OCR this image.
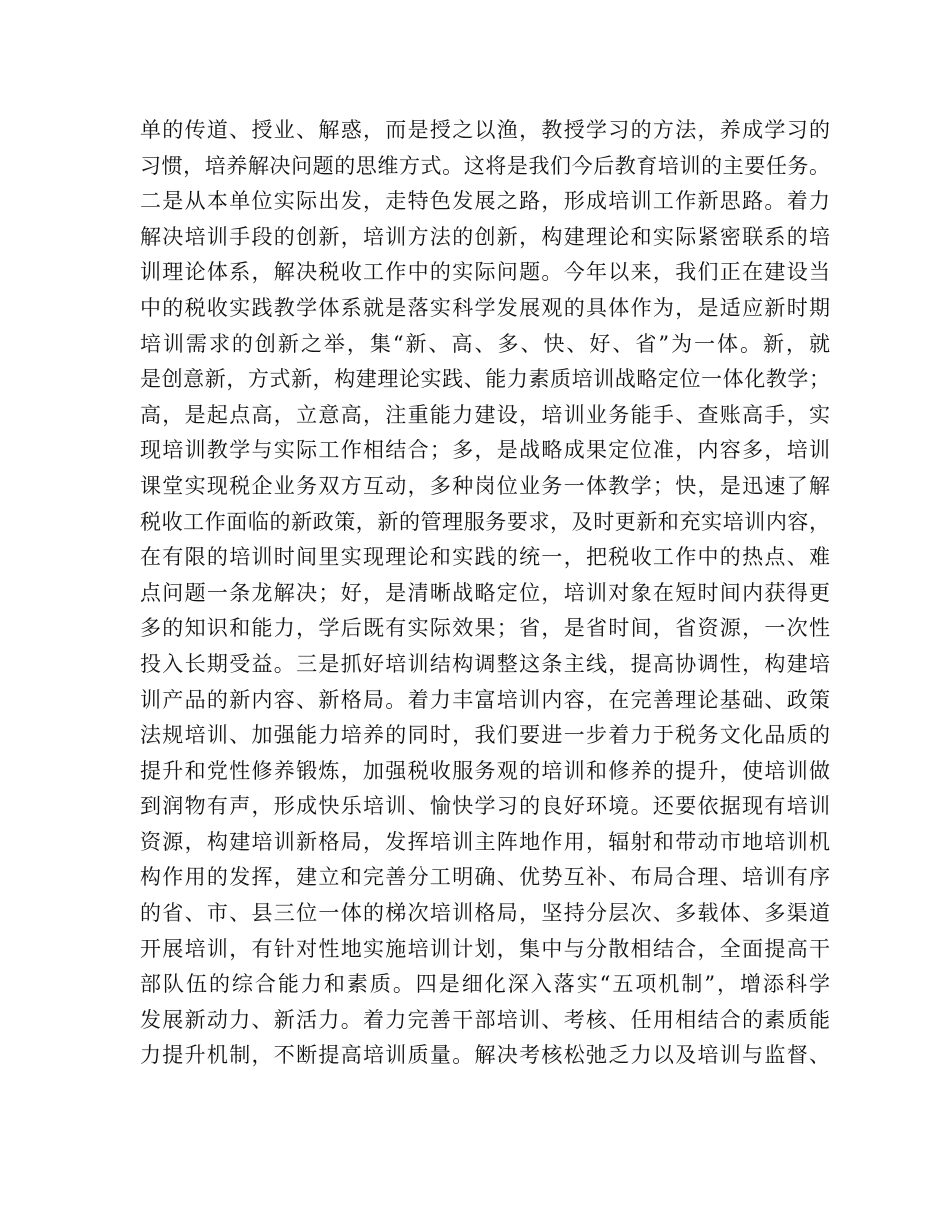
单的传道、授业、解惑，而是授之以渔，教授学习的方法，养成学习的
习惯，培养解决问题的思维方式。这将是我们今后教育培训的主要任务。
二是从本单位实际出发，走特色发展之路，形成培训工作新思路。着力
解决培训手段的创新，培训方法的创新，构建理论和实际紧密联系的培
训理论体系，解决税收工作中的实际问题。今年以来，我们正在建设当
中的税收实践教学体系就是落实科学发展观的具体作为，是适应新时期
培训需求的创新之举，集“新、高、多、快、好、省”为一体。新，就
是创意新，方式新，构建理论实践、能力素质培训战略定位一体化教学；
高，是起点高，立意高，注重能力建设，培训业务能手、查账高手，实
现培训教学与实际工作相结合；多，是战略成果定位准，内容多，培训
课堂实现税企业务双方互动，多种岗位业务一体教学；快，是迅速了解
税收工作面临的新政策，新的管理服务要求，及时更新和充实培训内容，
在有限的培训时间里实现理论和实践的统一，把税收工作中的热点、难
点问题一条龙解决；好，是清晰战略定位，培训对象在短时间内获得更
多的知识和能力，学后既有实际效果；省，是省时间，省资源，一次性
投入长期受益。三是抓好培训结构调整这条主线，提高协调性，构建培
训产品的新内容、新格局。着力丰富培训内容，在完善理论基础、政策
法规培训、加强能力培养的同时，我们要进一步着力于税务文化品质的
提升和党性修养锻炼，加强税收服务观的培训和修养的提升，使培训做
到润物有声，形成快乐培训、愉快学习的良好环境。还要依据现有培训
资源，构建培训新格局，发挥培训主阵地作用，辐射和带动市地培训机
构作用的发挥，建立和完善分工明确、优势互补、布局合理、培训有序
的省、市、县三位一体的梯次培训格局，坚持分层次、多载体、多渠道
开展培训，有针对性地实施培训计划，集中与分散相结合，全面提高干
部队伍的综合能力和素质。四是细化深入落实“五项机制”，增添科学
发展新动力、新活力。着力完善干部培训、考核、任用相结合的素质能
力提升机制，不断提高培训质量。解决考核松弛乏力以及培训与监督、
